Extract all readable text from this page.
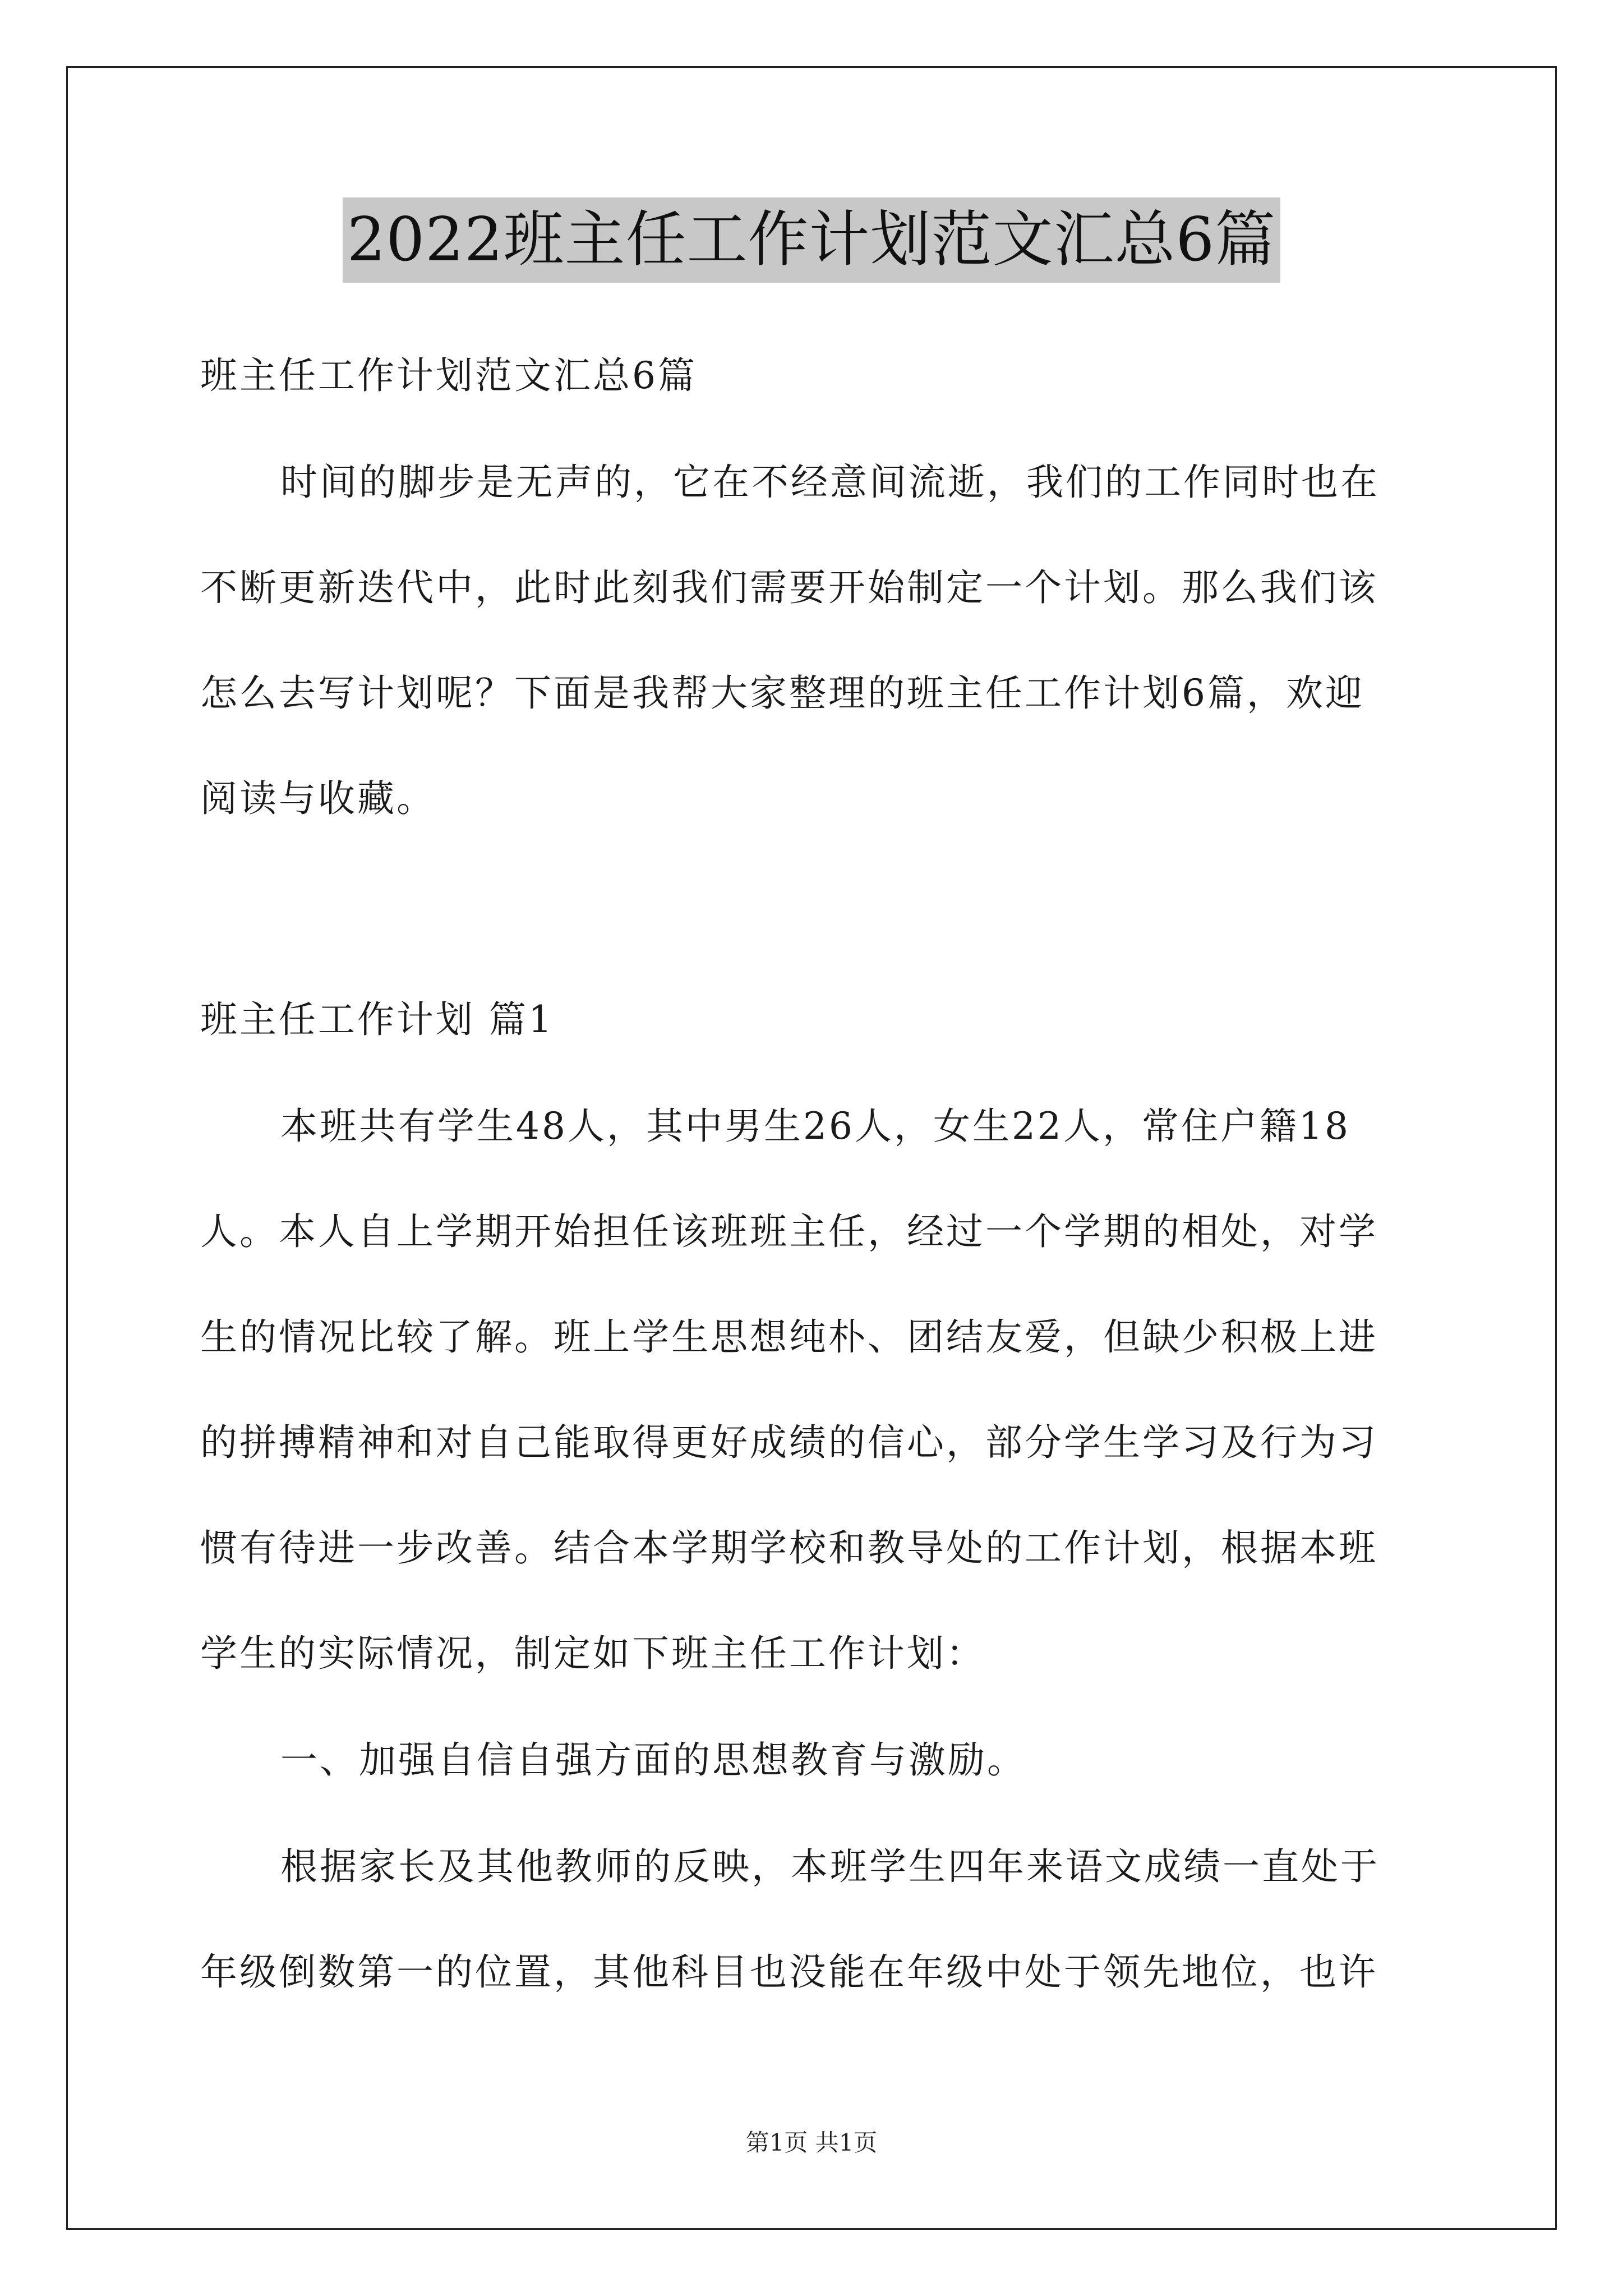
2022班主任工作计划范文汇总6篇
班主任工作计划范文汇总6篇
时间的脚步是无声的，它在不经意间流逝，我们的工作同时也在
不断更新迭代中，此时此刻我们需要开始制定一个计划。那么我们该
怎么去写计划呢？下面是我帮大家整理的班主任工作计划6篇，欢迎
阅读与收藏。
班主任工作计划 篇1
本班共有学生48人，其中男生26人，女生22人，常住户籍18
人。本人自上学期开始担任该班班主任，经过一个学期的相处，对学
生的情况比较了解。班上学生思想纯朴、团结友爱，但缺少积极上进
的拼搏精神和对自己能取得更好成绩的信心，部分学生学习及行为习
惯有待进一步改善。结合本学期学校和教导处的工作计划，根据本班
学生的实际情况，制定如下班主任工作计划：
一、加强自信自强方面的思想教育与激励。
根据家长及其他教师的反映，本班学生四年来语文成绩一直处于
年级倒数第一的位置，其他科目也没能在年级中处于领先地位，也许
第1页 共1页
